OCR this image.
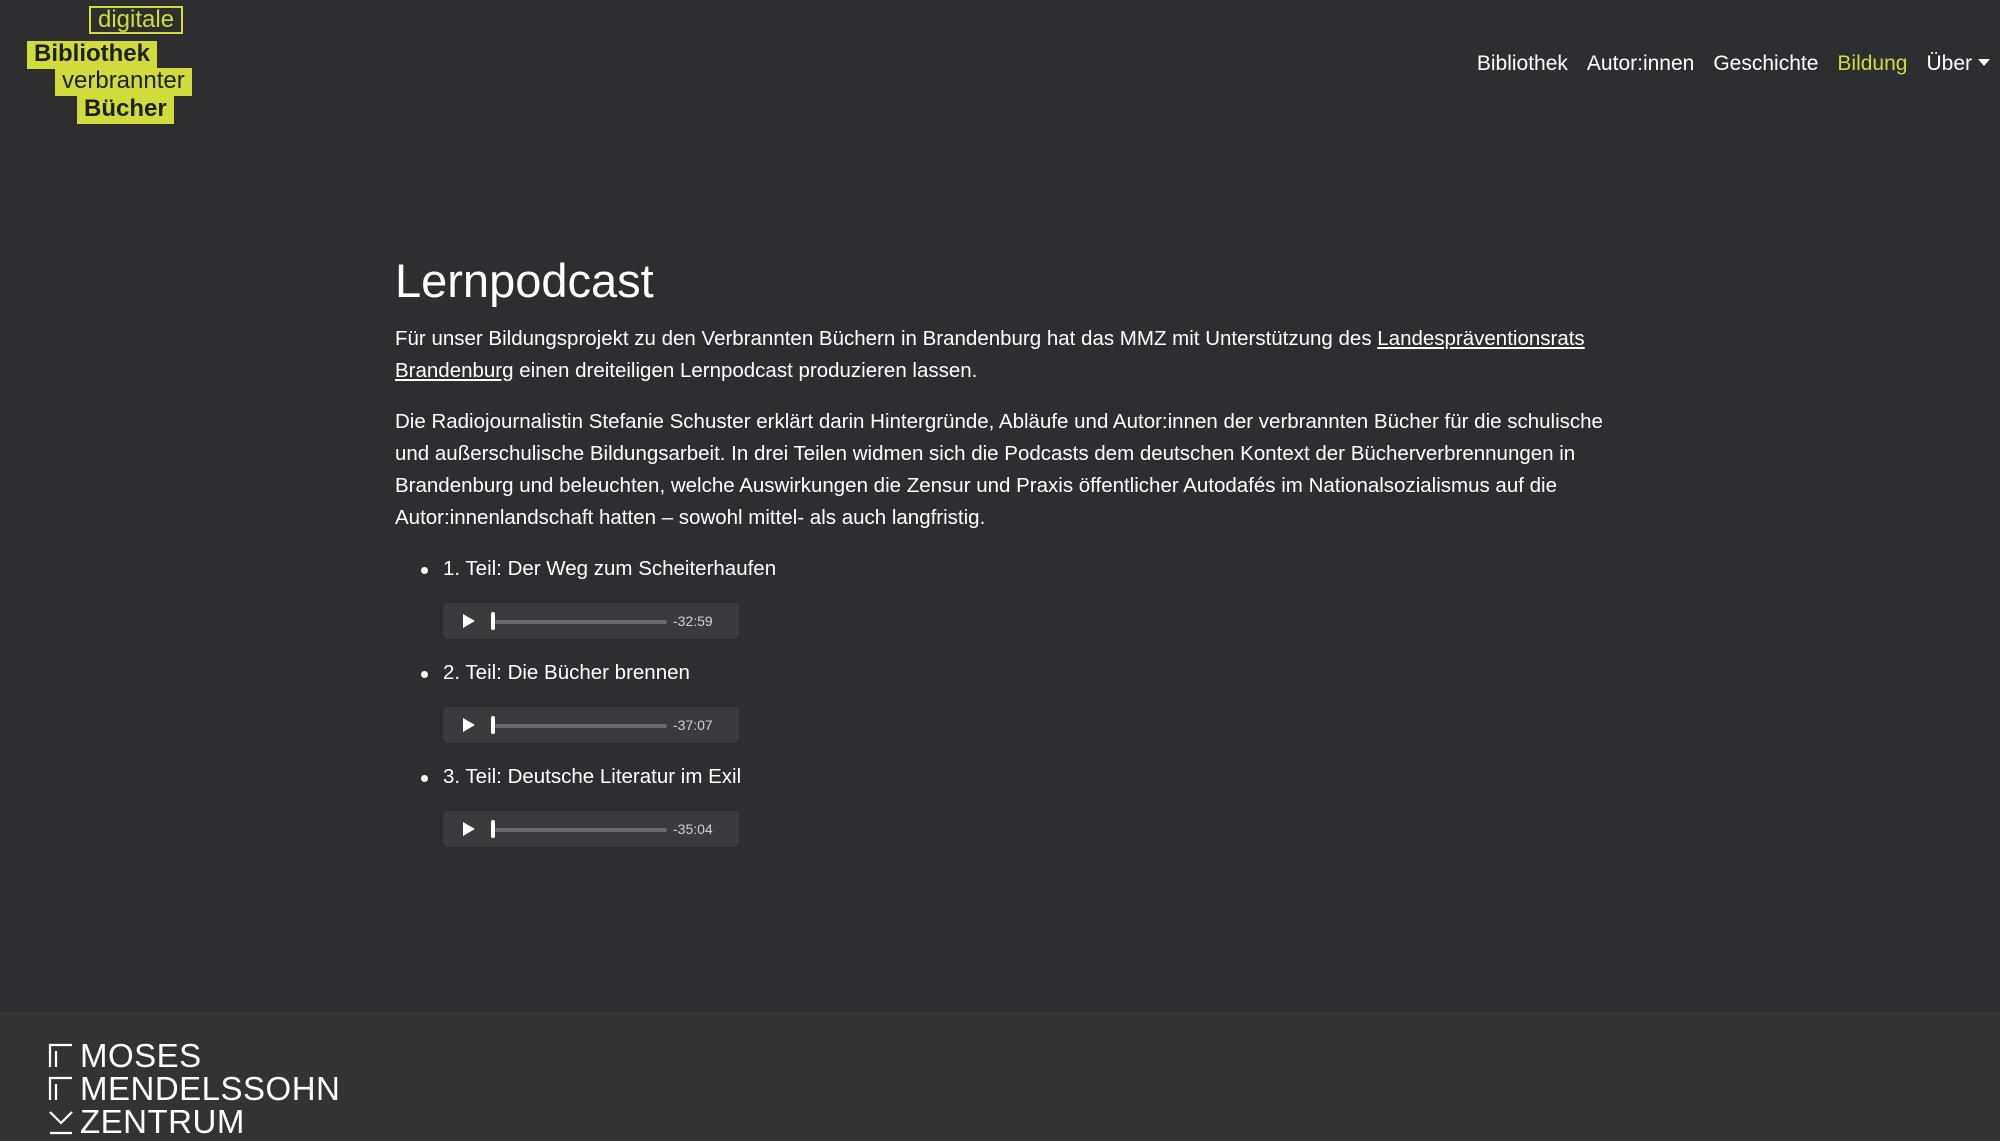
digitale
Bibliothek
verbrannter
Bücher
Bibliothek Autor:innen Geschichte Bildung Über
Lernpodcast

Für unser Bildungsprojekt zu den Verbrannten Büchern in Brandenburg hat das MMZ mit Unterstützung des Landespräventionsrats Brandenburg einen dreiteiligen Lernpodcast produzieren lassen.

Die Radiojournalistin Stefanie Schuster erklärt darin Hintergründe, Abläufe und Autor:innen der verbrannten Bücher für die schulische und außerschulische Bildungsarbeit. In drei Teilen widmen sich die Podcasts dem deutschen Kontext der Bücherverbrennungen in Brandenburg und beleuchten, welche Auswirkungen die Zensur und Praxis öffentlicher Autodafés im Nationalsozialismus auf die Autor:innenlandschaft hatten – sowohl mittel- als auch langfristig.

1. Teil: Der Weg zum Scheiterhaufen
-32:59
2. Teil: Die Bücher brennen
-37:07
3. Teil: Deutsche Literatur im Exil
-35:04
MOSES
MENDELSSOHN
ZENTRUM
